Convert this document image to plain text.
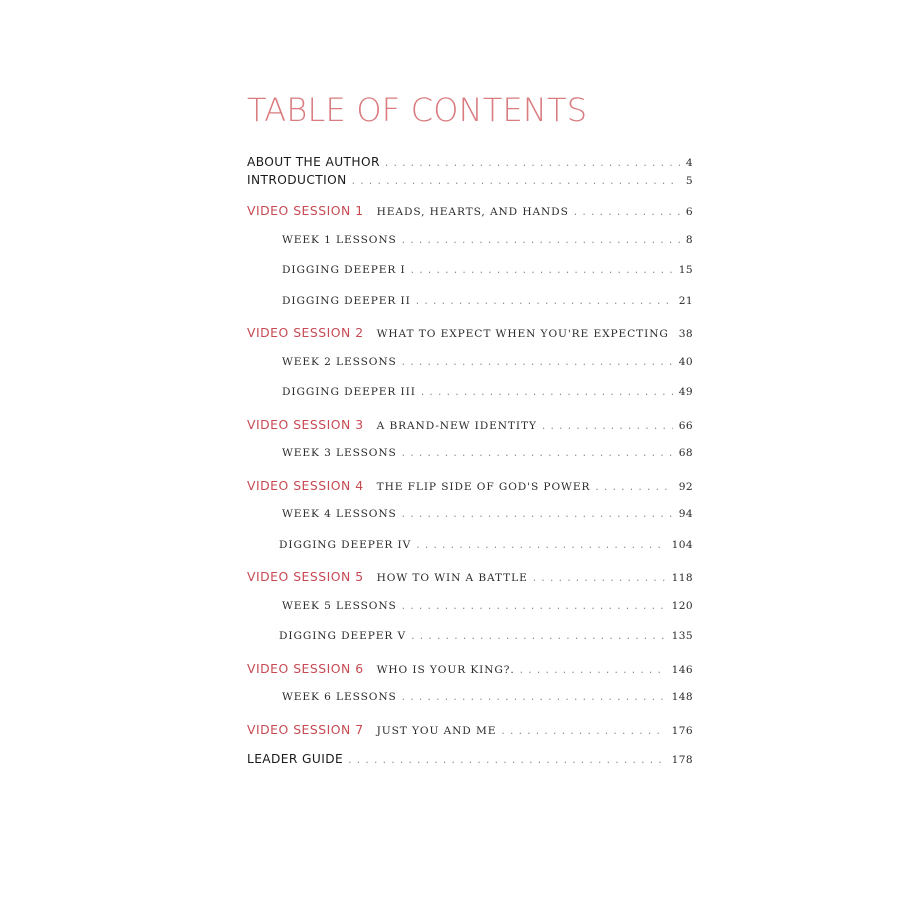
TABLE OF CONTENTS
ABOUT THE AUTHOR .....	4
INTRODUCTION .....	5
VIDEO SESSION 1 HEADS, HEARTS, AND HANDS .....	6
WEEK 1 LESSONS .....	8
DIGGING DEEPER I .....	15
DIGGING DEEPER II .....	21
VIDEO SESSION 2 WHAT TO EXPECT WHEN YOU'RE EXPECTING 38
WEEK 2 LESSONS .....	40
DIGGING DEEPER III .....	49
VIDEO SESSION 3 A BRAND-NEW IDENTITY .....	66
WEEK 3 LESSONS .....	68
VIDEO SESSION 4 THE FLIP SIDE OF GOD'S POWER .....	92
WEEK 4 LESSONS .....	94
DIGGING DEEPER IV .....	104
VIDEO SESSION 5 HOW TO WIN A BATTLE .....	118
WEEK 5 LESSONS .....	120
DIGGING DEEPER V .....	135
VIDEO SESSION 6 WHO IS YOUR KING?. .....	146
WEEK 6 LESSONS .....	148
VIDEO SESSION 7 JUST YOU AND ME .....	176
LEADER GUIDE .....	178
